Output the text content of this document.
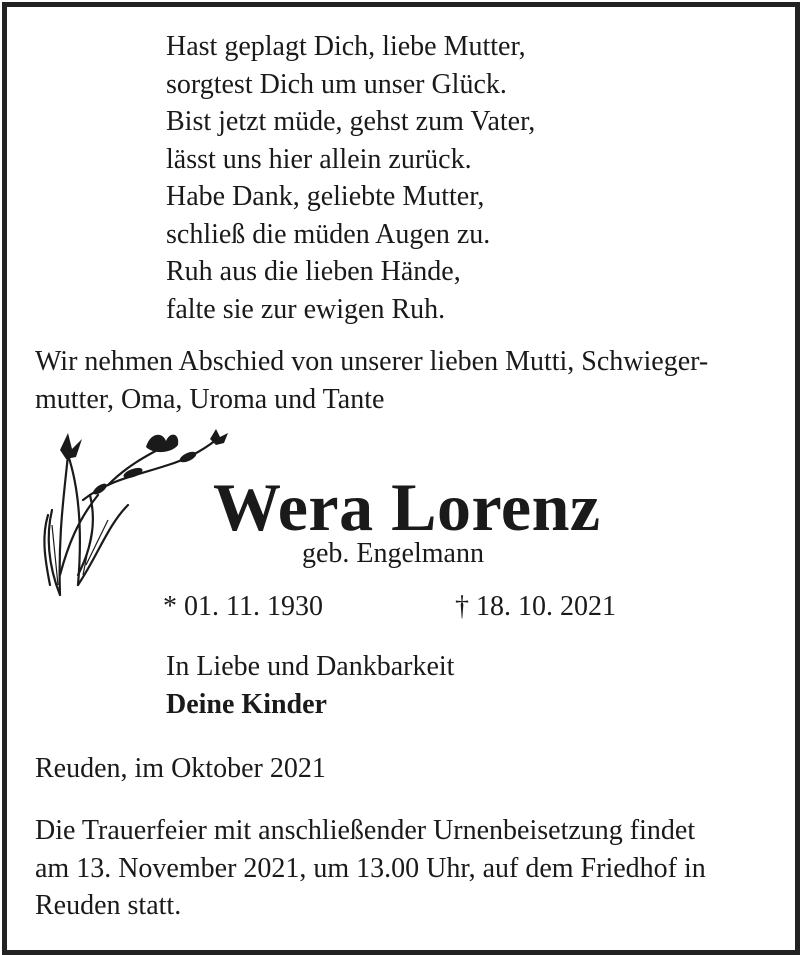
Hast geplagt Dich, liebe Mutter,
sorgtest Dich um unser Glück.
Bist jetzt müde, gehst zum Vater,
lässt uns hier allein zurück.
Habe Dank, geliebte Mutter,
schließ die müden Augen zu.
Ruh aus die lieben Hände,
falte sie zur ewigen Ruh.
Wir nehmen Abschied von unserer lieben Mutti, Schwieger-
mutter, Oma, Uroma und Tante
Wera Lorenz
geb. Engelmann
* 01. 11. 1930	† 18. 10. 2021
In Liebe und Dankbarkeit
Deine Kinder
Reuden, im Oktober 2021
Die Trauerfeier mit anschließender Urnenbeisetzung findet
am 13. November 2021, um 13.00 Uhr, auf dem Friedhof in
Reuden statt.
